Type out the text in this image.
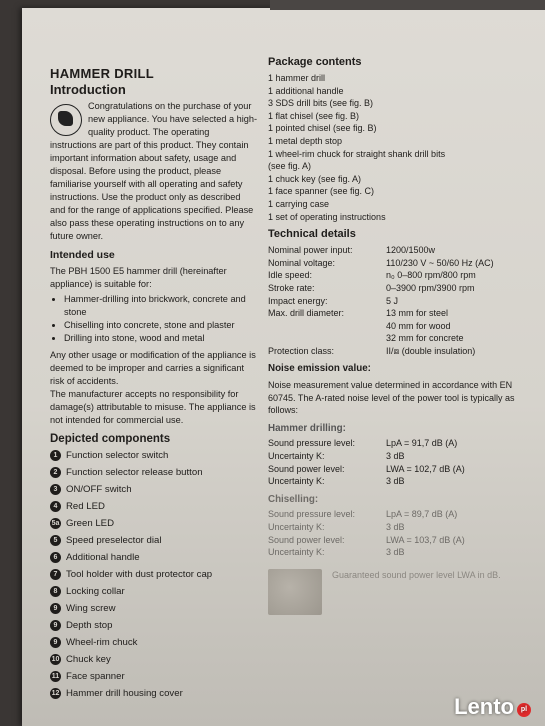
HAMMER DRILL
Introduction

Congratulations on the purchase of your new appliance. You have selected a high-quality product. The operating instructions are part of this product. They contain important information about safety, usage and disposal. Before using the product, please familiarise yourself with all operating and safety instructions. Use the product only as described and for the range of applications specified. Please also pass these operating instructions on to any future owner.

Intended use
The PBH 1500 E5 hammer drill (hereinafter appliance) is suitable for:
• Hammer-drilling into brickwork, concrete and stone
• Chiselling into concrete, stone and plaster
• Drilling into stone, wood and metal
Any other usage or modification of the appliance is deemed to be improper and carries a significant risk of accidents.
The manufacturer accepts no responsibility for damage(s) attributable to misuse. The appliance is not intended for commercial use.
Depicted components
1 Function selector switch
2 Function selector release button
3 ON/OFF switch
4 Red LED
5a Green LED
5 Speed preselector dial
6 Additional handle
7 Tool holder with dust protector cap
8 Locking collar
9 Wing screw
9 Depth stop
9 Wheel-rim chuck
10 Chuck key
11 Face spanner
12 Hammer drill housing cover
Package contents
1 hammer drill
1 additional handle
3 SDS drill bits (see fig. B)
1 flat chisel (see fig. B)
1 pointed chisel (see fig. B)
1 metal depth stop
1 wheel-rim chuck for straight shank drill bits
(see fig. A)
1 chuck key (see fig. A)
1 face spanner (see fig. C)
1 carrying case
1 set of operating instructions
Technical details
Nominal power input:	1200/1500w
Nominal voltage:	110/230 V ~ 50/60 Hz (AC)
Idle speed:	n₀ 0–800 rpm/800 rpm
Stroke rate:	0–3900 rpm/3900 rpm
Impact energy:	5 J
Max. drill diameter:	13 mm for steel
40 mm for wood
32 mm for concrete
Protection class:	II/⧈ (double insulation)
Noise emission value:
Noise measurement value determined in accordance with EN 60745. The A-rated noise level of the power tool is typically as follows:
Hammer drilling:
Sound pressure level:	LpA = 91,7 dB (A)
Uncertainty K:	3 dB
Sound power level:	LWA = 102,7 dB (A)
Uncertainty K:	3 dB
Chiselling:
Sound pressure level:	LpA = 89,7 dB (A)
Uncertainty K:	3 dB
Sound power level:	LWA = 103,7 dB (A)
Uncertainty K:	3 dB
Guaranteed sound power level LWA in dB.
Lento pl
